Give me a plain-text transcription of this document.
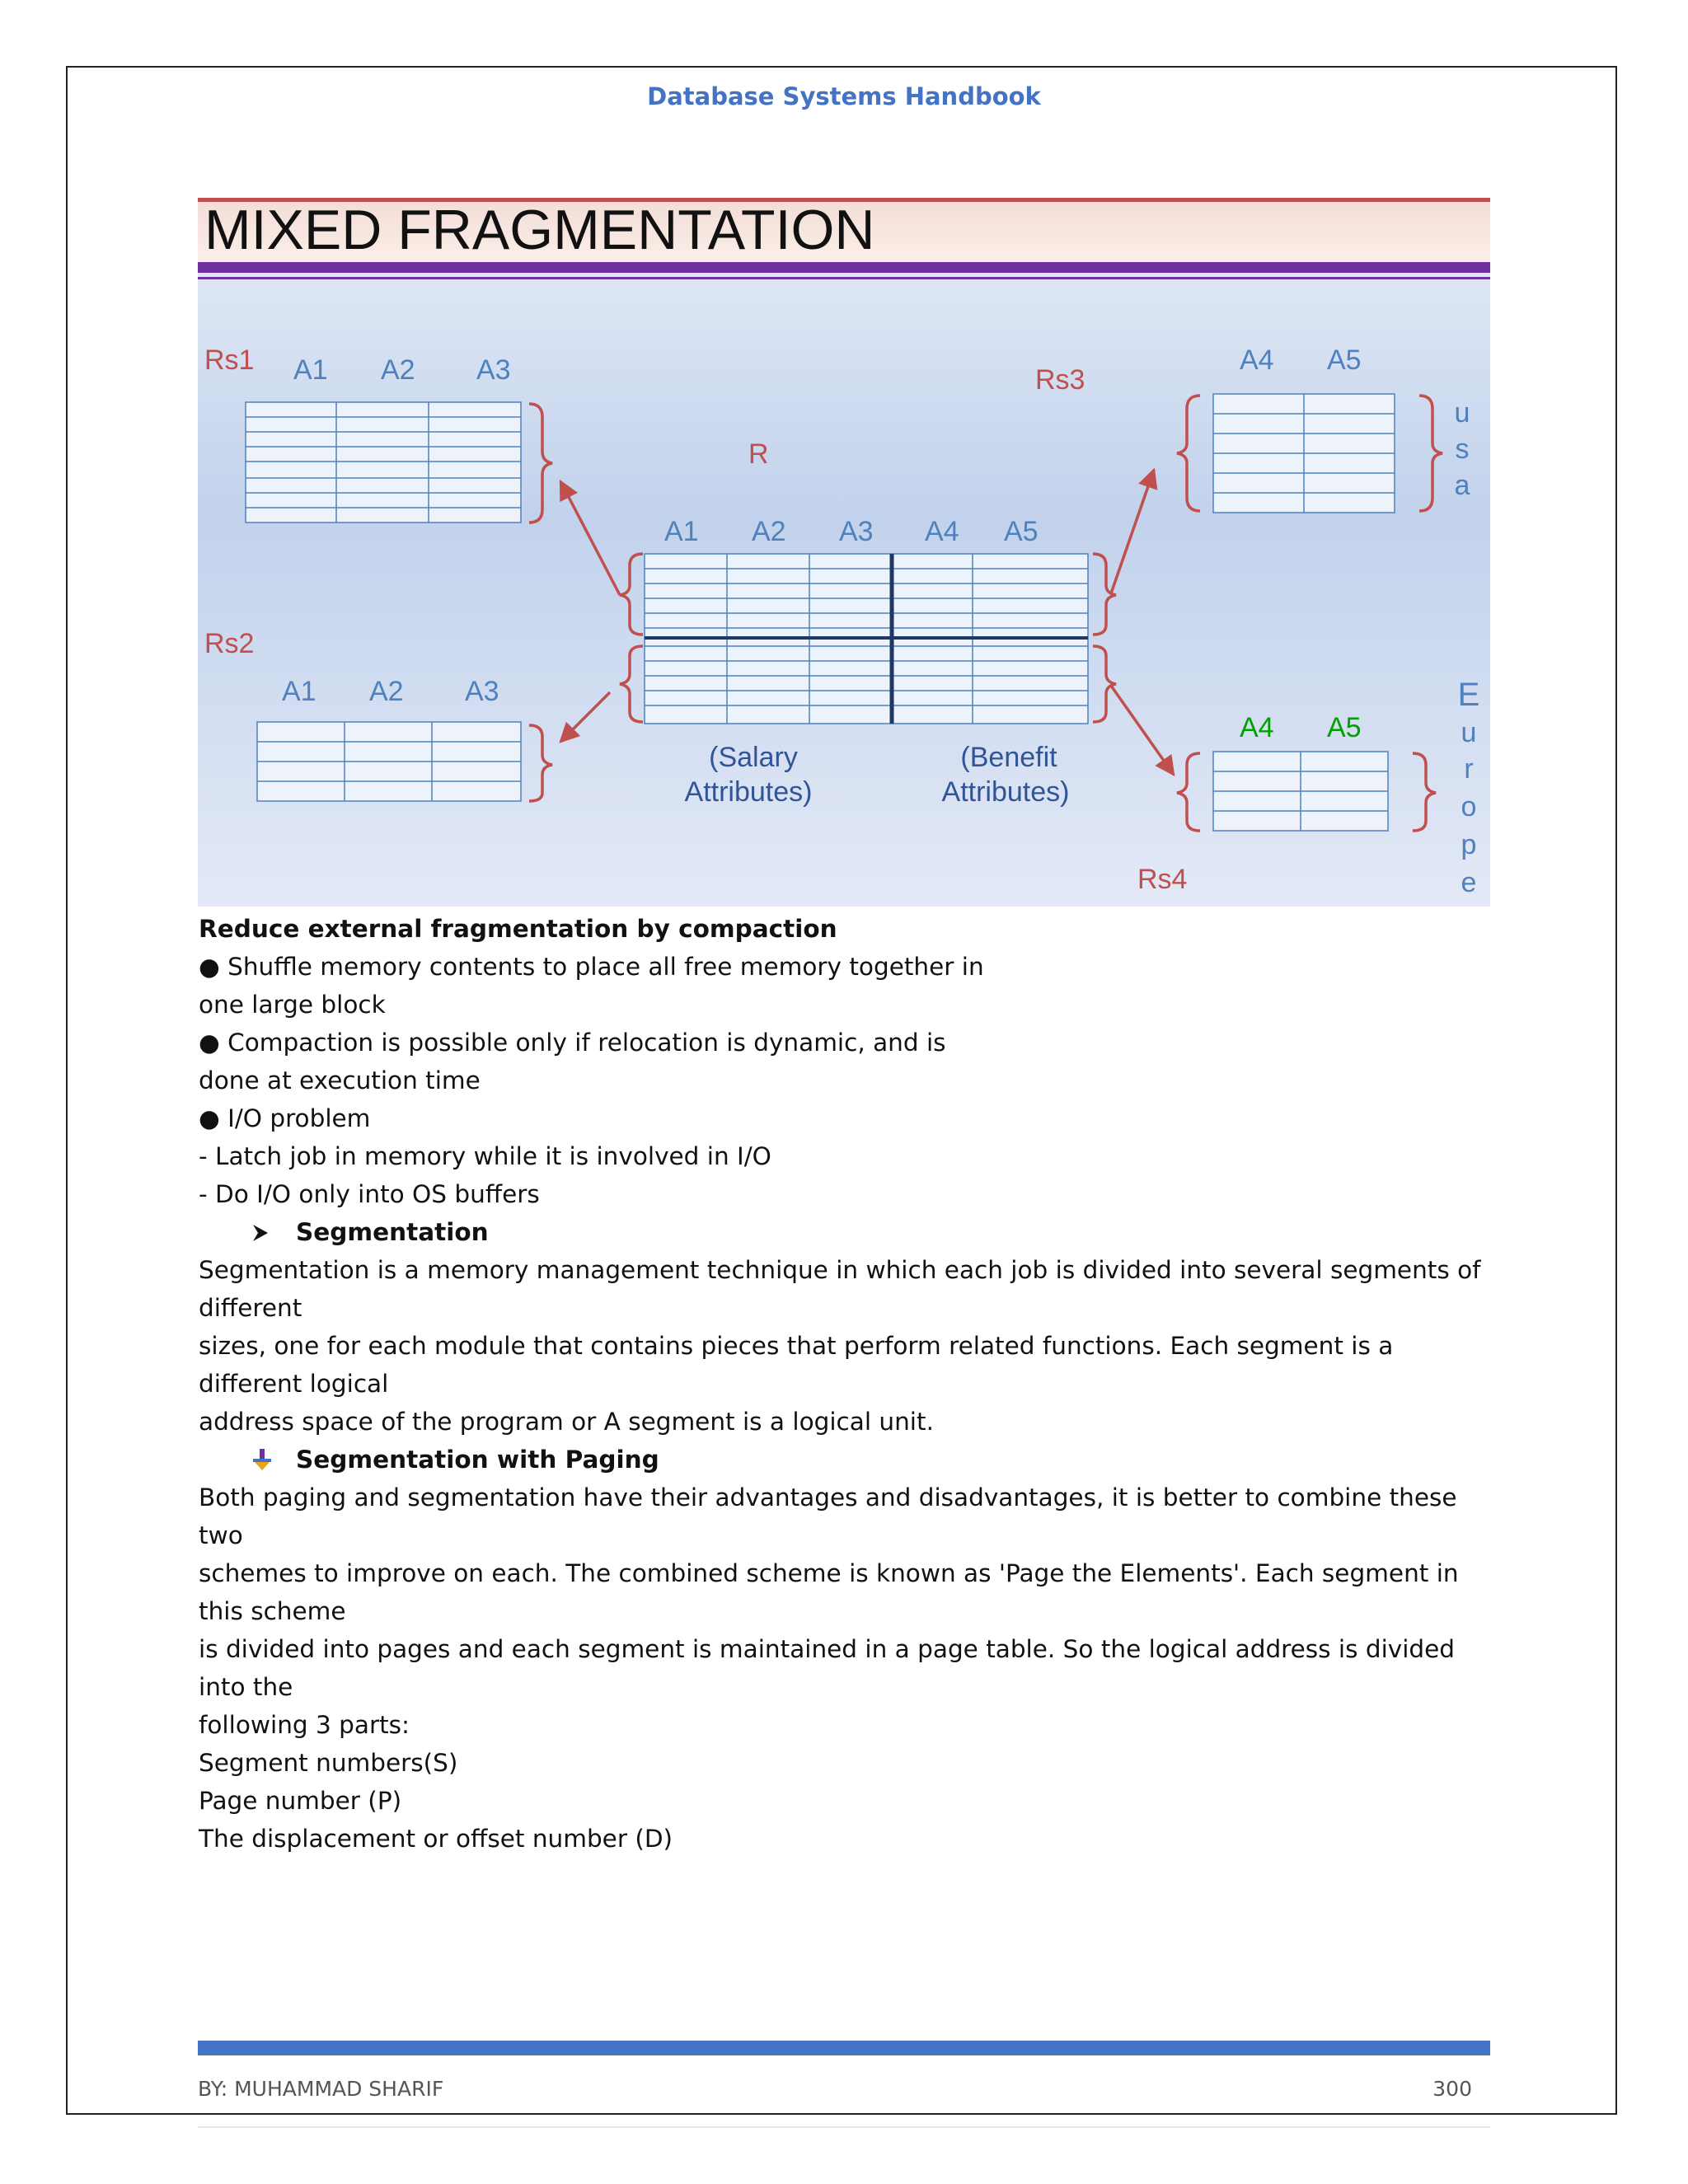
Database Systems Handbook
MIXED FRAGMENTATION
Rs1 A1 A2 A3
Rs2
A1 A2 A3
R
A1 A2 A3 A4 A5
(Salary
Attributes)
(Benefit
Attributes)
Rs3
A4 A5
u
s
a
A4 A5
Rs4
E
u
r
o
p
e

Reduce external fragmentation by compaction

● Shuffle memory contents to place all free memory together in

one large block

● Compaction is possible only if relocation is dynamic, and is

done at execution time

● I/O problem

- Latch job in memory while it is involved in I/O

- Do I/O only into OS buffers

Segmentation

Segmentation is a memory management technique in which each job is divided into several segments of different

sizes, one for each module that contains pieces that perform related functions. Each segment is a different logical

address space of the program or A segment is a logical unit.

Segmentation with Paging

Both paging and segmentation have their advantages and disadvantages, it is better to combine these two

schemes to improve on each. The combined scheme is known as 'Page the Elements'. Each segment in this scheme

is divided into pages and each segment is maintained in a page table. So the logical address is divided into the

following 3 parts:

Segment numbers(S)

Page number (P)

The displacement or offset number (D)

BY: MUHAMMAD SHARIF	300
